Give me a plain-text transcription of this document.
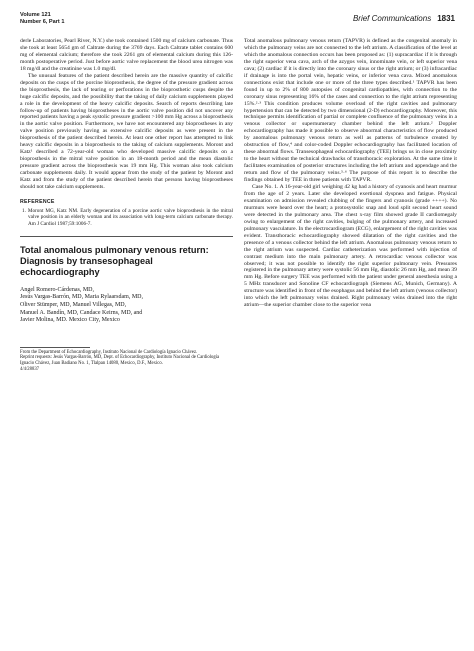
Volume 121
Number 6, Part 1	Brief Communications 1831

derle Laboratories, Pearl River, N.Y.) she took contained 1500 mg of calcium carbonate. Thus she took at least 5654 gm of Caltrate during the 3769 days. Each Caltrate tablet contains 600 mg of elemental calcium; therefore she took 2261 gm of elemental calcium during this 126-month postoperative period. Just before aortic valve replacement the blood urea nitrogen was 18 mg/dl and the creatinine was 1.0 mg/dl.

The unusual features of the patient described herein are the massive quantity of calcific deposits on the cusps of the porcine bioprosthesis, the degree of the pressure gradient across the bioprosthesis, the lack of tearing or perforations in the bioprosthetic cusps despite the huge calcific deposits, and the possibility that the taking of daily calcium supplements played a role in the development of the heavy calcific deposits. Search of reports describing late follow-up of patients having bioprostheses in the aortic valve position did not uncover any reported patients having a peak systolic pressure gradient >100 mm Hg across a bioprosthesis in the aortic valve position. Furthermore, we have not encountered any bioprostheses in any valve position previously having as extensive calcific deposits as were present in the bioprosthesis of the patient described herein. At least one other report has attempted to link heavy calcific deposits in a bioprosthesis to the taking of calcium supplements. Moront and Katz¹ described a 72-year-old woman who developed massive calcific deposits on a bioprosthesis in the mitral valve position in an 18-month period and the mean diastolic pressure gradient across the bioprosthesis was 19 mm Hg. This woman also took calcium carbonate supplements daily. It would appear from the study of the patient by Moront and Katz and from the study of the patient described herein that persons having bioprostheses should not take calcium supplements.

REFERENCE
1. Moront MG, Katz NM. Early degeneration of a porcine aortic valve bioprosthesis in the mitral valve position in an elderly woman and its association with long-term calcium carbonate therapy. Am J Cardiol 1987;59:1006-7.
Total anomalous pulmonary venous return: Diagnosis by transesophageal echocardiography
Angel Romero-Cárdenas, MD,
Jesús Vargas-Barrón, MD, Maria Rylaarsdam, MD,
Oliver Stümper, MD, Manuel Villegas, MD,
Manuel A. Bandín, MD, Candace Keirns, MD, and
Javier Molina, MD. Mexico City, Mexico
From the Department of Echocardiography, Instituto Nacional de Cardiología Ignacio Chávez.
Reprint requests: Jesús Vargas-Barrón, MD, Dept. of Echocardiography, Instituto Nacional de Cardiología Ignacio Chávez, Juan Badiano No. 1, Tlalpan 14080, Mexico, D.F., Mexico.
4/4/28837

Total anomalous pulmonary venous return (TAPVR) is defined as the congenital anomaly in which the pulmonary veins are not connected to the left atrium. A classification of the level at which the anomalous connection occurs has been proposed as: (1) supracardiac if it is through the right superior vena cava, arch of the azygos vein, innominate vein, or left superior vena cava; (2) cardiac if it is directly into the coronary sinus or the right atrium; or (3) infracardiac if drainage is into the portal vein, hepatic veins, or inferior vena cava. Mixed anomalous connections exist that include one or more of the three types described.¹ TAPVR has been found in up to 2% of 800 autopsies of congenital cardiopathies, with connection to the coronary sinus representing 16% of the cases and connection to the right atrium representing 15%.²·³ This condition produces volume overload of the right cavities and pulmonary hypertension that can be detected by two dimensional (2-D) echocardiography. Moreover, this technique permits identification of partial or complete confluence of the pulmonary veins in a venous collector or supernumerary chamber behind the left atrium.² Doppler echocardiography has made it possible to observe abnormal characteristics of flow produced by anomalous pulmonary venous return as well as patterns of turbulence created by obstruction of flow,⁴ and color-coded Doppler echocardiography has facilitated location of these abnormal flows. Transesophageal echocardiography (TEE) brings us in close proximity to the heart without the technical drawbacks of transthoracic exploration. At the same time it facilitates examination of posterior structures including the left atrium and appendage and the return and flow of the pulmonary veins.⁵·⁶ The purpose of this report is to describe the findings obtained by TEE in three patients with TAPVR.

Case No. 1. A 16-year-old girl weighing 42 kg had a history of cyanosis and heart murmur from the age of 2 years. Later she developed exertional dyspnea and fatigue. Physical examination on admission revealed clubbing of the fingers and cyanosis (grade ++++). No murmurs were heard over the heart; a protosystolic snap and loud split second heart sound were detected in the pulmonary area. The chest x-ray film showed grade II cardiomegaly owing to enlargement of the right cavities, bulging of the pulmonary artery, and increased pulmonary vasculature. In the electrocardiogram (ECG), enlargement of the right cavities was evident. Transthoracic echocardiography showed dilatation of the right cavities and the presence of a venous collector behind the left atrium. Anomalous pulmonary venous return to the right atrium was suspected. Cardiac catheterization was performed with injection of contrast medium into the main pulmonary artery. A retrocardiac venous collector was observed; it was not possible to identify the right superior pulmonary vein. Pressures registered in the pulmonary artery were systolic 56 mm Hg, diastolic 26 mm Hg, and mean 39 mm Hg. Before surgery TEE was performed with the patient under general anesthesia using a 5 MHz transducer and Sonoline CF echocardiograph (Siemens AG, Munich, Germany). A structure was identified in front of the esophagus and behind the left atrium (venous collector) into which the left pulmonary veins drained. Right pulmonary veins drained into the right atrium—the superior chamber close to the superior vena
